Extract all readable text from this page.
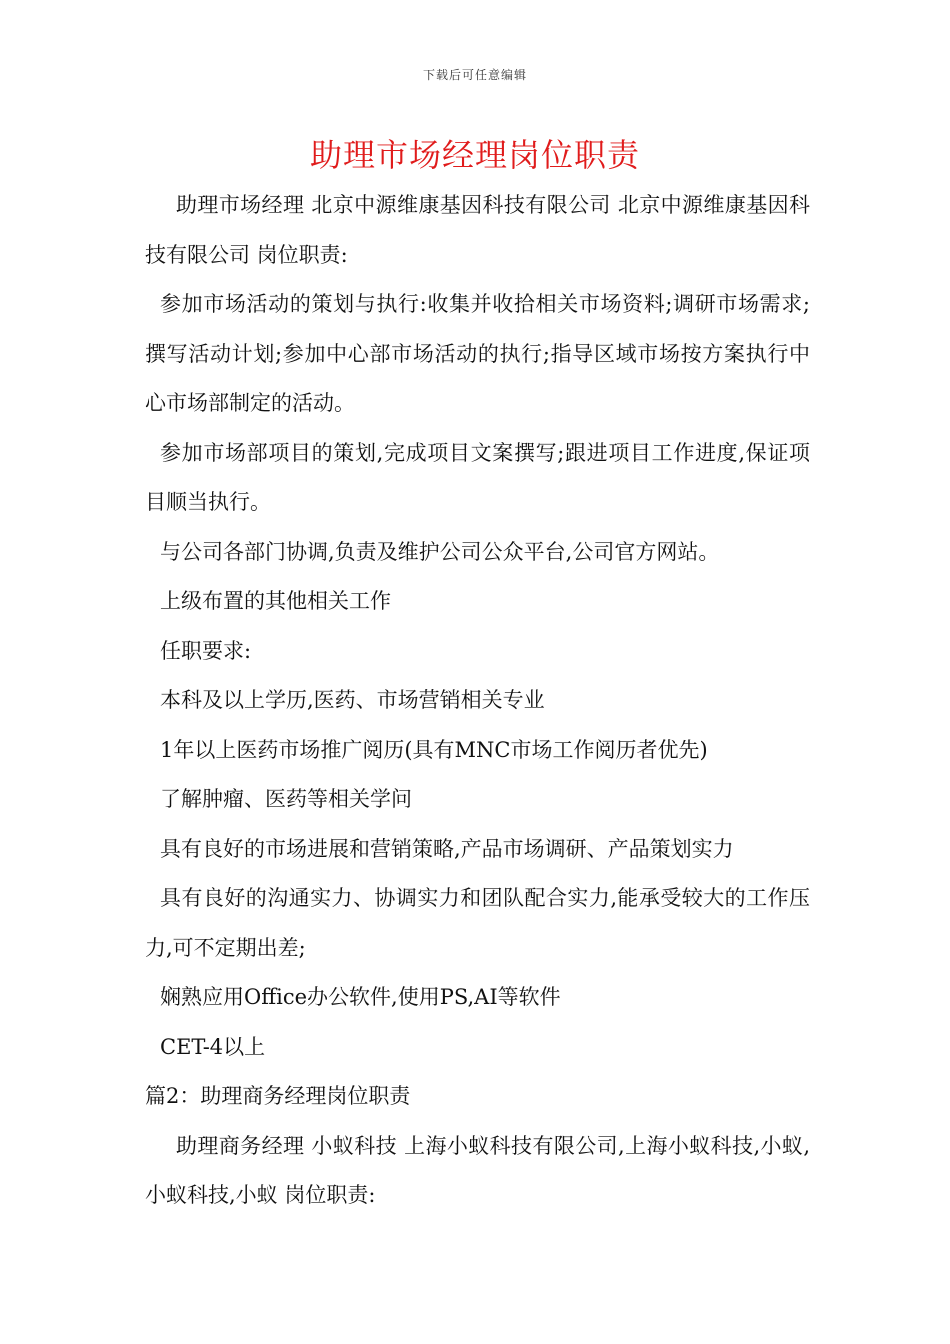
下载后可任意编辑
助理市场经理岗位职责

助理市场经理 北京中源维康基因科技有限公司 北京中源维康基因科技有限公司 岗位职责:

参加市场活动的策划与执行:收集并收拾相关市场资料;调研市场需求;撰写活动计划;参加中心部市场活动的执行;指导区域市场按方案执行中心市场部制定的活动。

参加市场部项目的策划,完成项目文案撰写;跟进项目工作进度,保证项目顺当执行。

与公司各部门协调,负责及维护公司公众平台,公司官方网站。

上级布置的其他相关工作

任职要求:

本科及以上学历,医药、市场营销相关专业

1年以上医药市场推广阅历(具有MNC市场工作阅历者优先)

了解肿瘤、医药等相关学问

具有良好的市场进展和营销策略,产品市场调研、产品策划实力

具有良好的沟通实力、协调实力和团队配合实力,能承受较大的工作压力,可不定期出差;

娴熟应用Office办公软件,使用PS,AI等软件

CET-4以上

篇2：助理商务经理岗位职责

助理商务经理 小蚁科技 上海小蚁科技有限公司,上海小蚁科技,小蚁,小蚁科技,小蚁 岗位职责:
